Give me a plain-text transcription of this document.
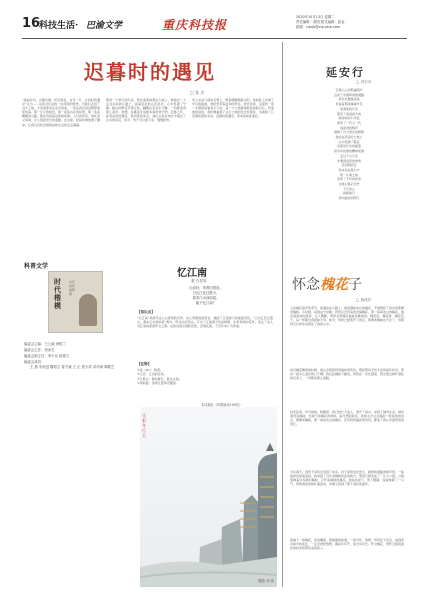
16
科技生活· 巴渝文学	重庆科技报
2020年10月13日 星期二
责任编辑：胡国 版式编辑：彭金
邮箱：cqkjb@vip.sina.com
迟暮时的遇见
□ 张 杰
“美丽乡村，古镇为媒，托田湾村，在年一方，让我时的遇见”走出……这是对生活的一次深刻的感悟，当我们走进了这片土地，才发现原来生活中的美，一直在我们身边默默地绽放着。那一片片的稻田，那一座座古朴的民居，那一条条蜿蜒的小路，都在诉说着这里的故事。人们的笑容，淳朴而又真诚，让人感到无比的温暖。在这里，时间仿佛放慢了脚步，让我们有机会细细品味生活的点点滴滴。
那是一个秋天的午后，阳光温柔地洒在大地上，我独自一人走在乡间的小路上，看着远处的山峦起伏，心中充满了宁静。路边的野花开得正艳，蝴蝶在花丛中飞舞，一切都显得那么美好。我想，这就是生活最本真的样子吧。迟暮之年，能有这样的遇见，是何等的幸运。我们总是在匆忙中错过了太多的风景，而今，终于可以停下来，慢慢欣赏。
老人坐在门前的石凳上，眯着眼睛晒着太阳，他的脸上布满了岁月的痕迹，却依然带着温和的笑容。他告诉我，这里的一草一木都是他看着长大的，每一寸土地都承载着他的记忆。听着他的讲述，我仿佛看到了这片土地的过去和现在，也看到了它充满希望的未来。迟暮时的遇见，原来是如此美好。
延安行
□ 冯宗平
宝塔山上的那盏明灯
点亮了中国革命的道路
延河水缓缓流淌
诉说着那段峥嵘岁月
窑洞里的灯光
照亮了前进的方向
杨家岭的小米饭
养育了一代又一代
南泥湾的歌声
唱响了自力更生的赞歌
我站在延安的土地上
心中充满了敬意
这里是红色的摇篮
是中华民族的精神家园
走过千山万水
才懂得这里的珍贵
延安啊延安
你永远在我心中
那一片黄土地
孕育了不朽的传奇
让我们铭记历史
不忘初心
砥砺前行
奔向美好的明天
怀念槐花子
□ 周成芹
又是槐花盛开的季节，我漫步在小路上，看着满树洁白的槐花，不禁想起了故乡的那棵老槐树。小时候，每到这个时候，奶奶总会带着我去摘槐花。那一串串洁白的槐花，散发着淡淡的清香，让人陶醉。奶奶会用槐花做成各种美食，槐花饭、槐花饼、槐花包子，每一样都让我回味无穷。如今，奶奶已经离开了我们，那棵老槐树也不在了，但那份记忆却永远留在了我的心中。
每当槐花飘香的时候，我总会想起奶奶慈祥的笑容，想起那些无忧无虑的童年时光。那是一段多么美好的日子啊！我们在槐树下嬉戏，奶奶在一旁忙碌着，阳光透过树叶洒在我们身上，一切都是那么温暖。
时光荏苒，岁月如梭。转眼间，我已经长大成人，离开了故乡，来到了城市生活。城市里没有槐树，也闻不到槐花的香味。每当想起故乡，我的心中总会涌起一股浓浓的思念。那棵老槐树，那一串串洁白的槐花，还有奶奶慈祥的笑容，都成了我心中最珍贵的回忆。
今年春天，我终于有机会回到了故乡。村子里的变化很大，新修的道路宽敞平坦，一栋栋新房拔地而起。我来到了当年老槐树所在的地方，那里已经变成了一片小公园，公园里种着许多新的槐树，正开着满树的槐花。我站在树下，闭上眼睛，深深地吸了一口气，那熟悉的香味扑面而来，仿佛又回到了那个美好的童年。
我摘下一串槐花，放进嘴里，那甜甜的味道，一如当年。我想，奶奶在天有灵，看到家乡如今的变化，一定会很欣慰吧。槐花年年开，思念年年长。怀念槐花，更怀念那段美好的时光和那些爱我的人。
科普文学
时代楷模
少年时代的梦想
编委会主编：王公诚 徐树兰
编委会主任：何冰生
编委会副主任：李小兵 赵德义
编委会成员：
王 燕 朱跃进 魏奇生 曾方斌 王 正 蔡天祥 邓华斌 谭敏芝
忆江南
重·白居易
江南好，风景旧曾谙。
日出江花红胜火，
春来江水绿如蓝。
能不忆江南？
【知识点】
“忆江南”是唐代诗人白居易的名作。诗人用简练的语言，描绘了江南春天的美丽景色。“日出江花红胜火，春来江水绿如蓝”两句，用对比的手法，写出了江南春天色彩鲜明、生机勃勃的景象，表达了诗人对江南的深深怀念之情。这首词语言清新自然，意境优美，千百年来广为传诵。
【注释】
①谙（ān）：熟悉。
②江花：江边的花朵。
③红胜火：颜色鲜红，胜过火焰。
④绿如蓝：绿得比蓝草还要绿。
本诗摘自《听歌诵诗100首》
乐彩冬行天
摄影 刘 伟
